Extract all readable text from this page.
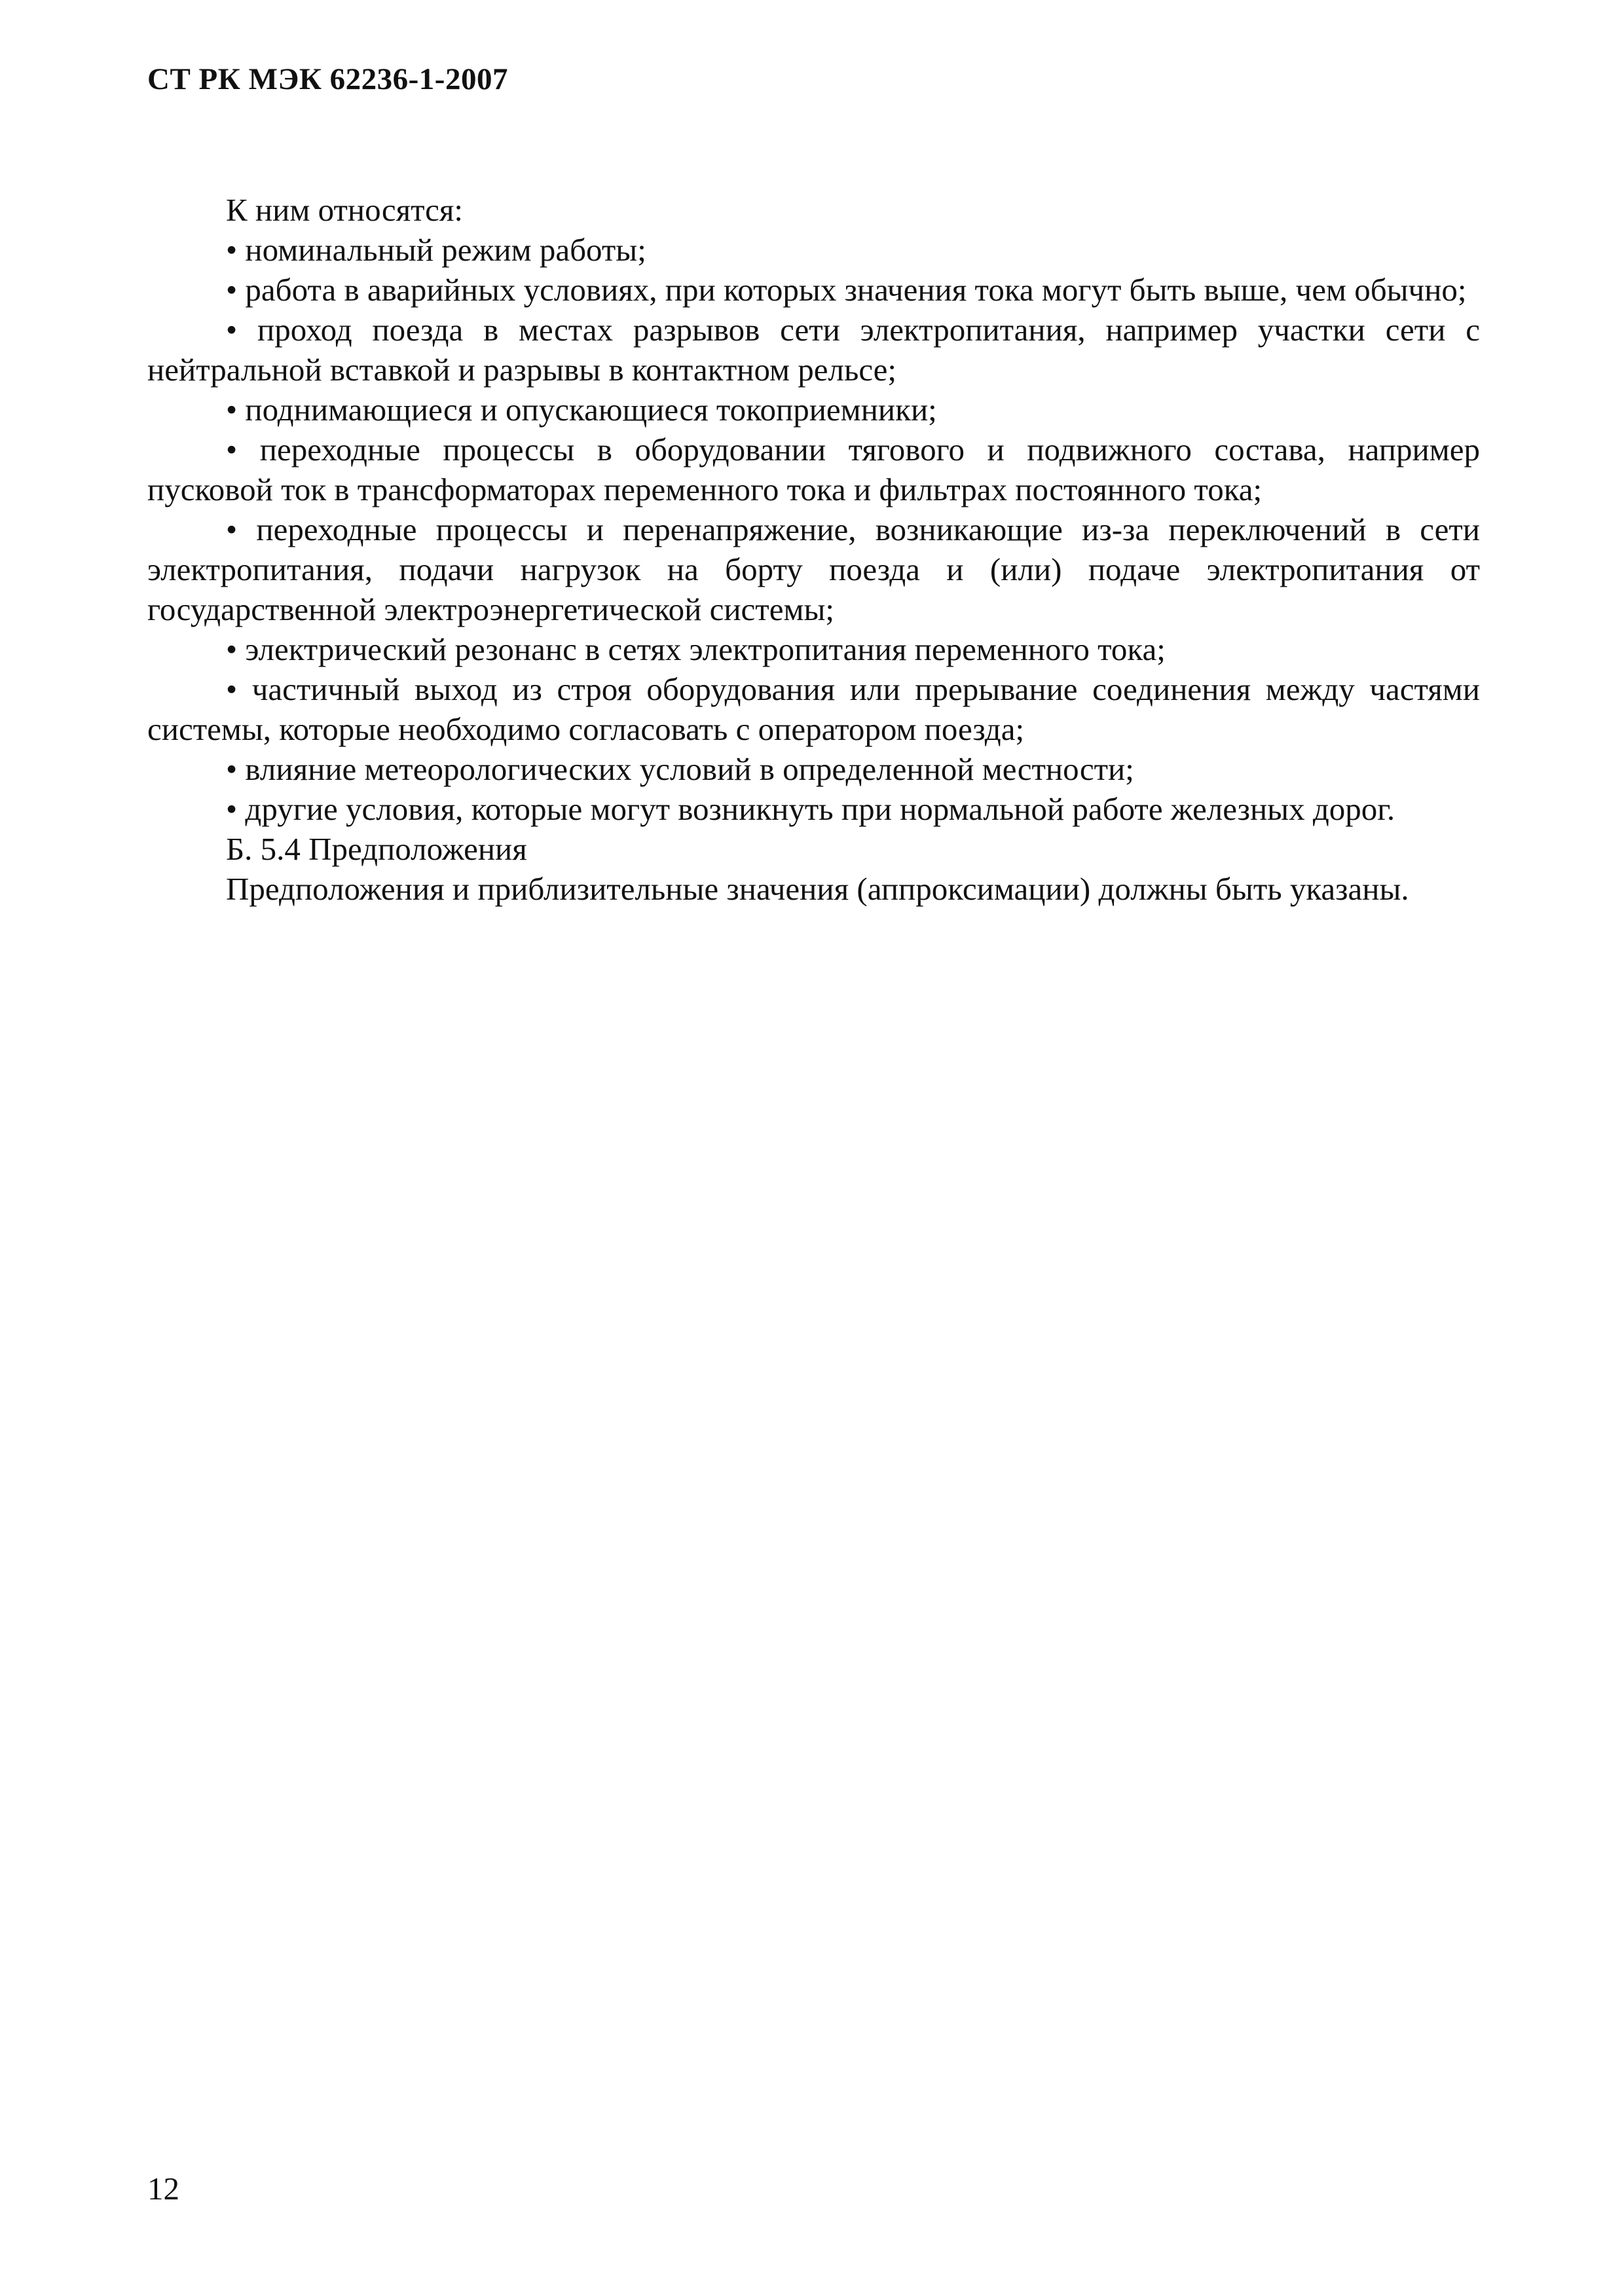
СТ РК МЭК 62236-1-2007

К ним относятся:

• номинальный режим работы;

• работа в аварийных условиях, при которых значения тока могут быть выше, чем обычно;

• проход поезда в местах разрывов сети электропитания, например участки сети с нейтральной вставкой и разрывы в контактном рельсе;

• поднимающиеся и опускающиеся токоприемники;

• переходные процессы в оборудовании тягового и подвижного состава, например пусковой ток в трансформаторах переменного тока и фильтрах постоянного тока;

• переходные процессы и перенапряжение, возникающие из-за переключений в сети электропитания, подачи нагрузок на борту поезда и (или) подаче электропитания от государственной электроэнергетической системы;

• электрический резонанс в сетях электропитания переменного тока;

• частичный выход из строя оборудования или прерывание соединения между частями системы, которые необходимо согласовать с оператором поезда;

• влияние метеорологических условий в определенной местности;

• другие условия, которые могут возникнуть при нормальной работе железных дорог.

Б. 5.4 Предположения

Предположения и приблизительные значения (аппроксимации) должны быть указаны.

12
